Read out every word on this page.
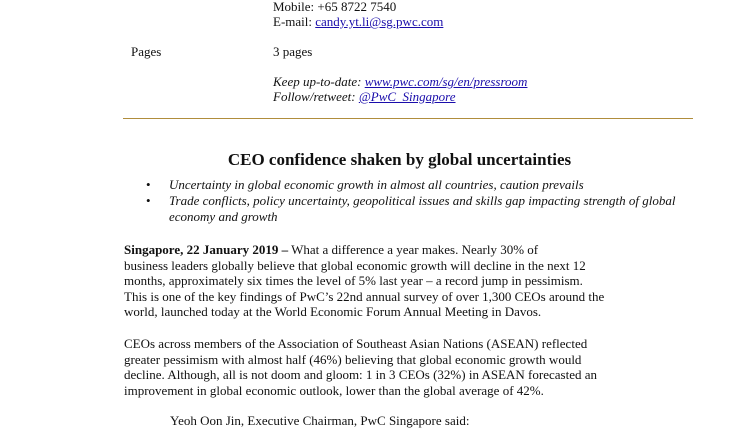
Mobile: +65 8722 7540
E-mail: candy.yt.li@sg.pwc.com
Pages	3 pages
Keep up-to-date: www.pwc.com/sg/en/pressroom
Follow/retweet: @PwC_Singapore
CEO confidence shaken by global uncertainties
• Uncertainty in global economic growth in almost all countries, caution prevails
• Trade conflicts, policy uncertainty, geopolitical issues and skills gap impacting strength of global economy and growth
Singapore, 22 January 2019 – What a difference a year makes. Nearly 30% of
business leaders globally believe that global economic growth will decline in the next 12
months, approximately six times the level of 5% last year – a record jump in pessimism.
This is one of the key findings of PwC’s 22nd annual survey of over 1,300 CEOs around the
world, launched today at the World Economic Forum Annual Meeting in Davos.
CEOs across members of the Association of Southeast Asian Nations (ASEAN) reflected
greater pessimism with almost half (46%) believing that global economic growth would
decline. Although, all is not doom and gloom: 1 in 3 CEOs (32%) in ASEAN forecasted an
improvement in global economic outlook, lower than the global average of 42%.
Yeoh Oon Jin, Executive Chairman, PwC Singapore said:
